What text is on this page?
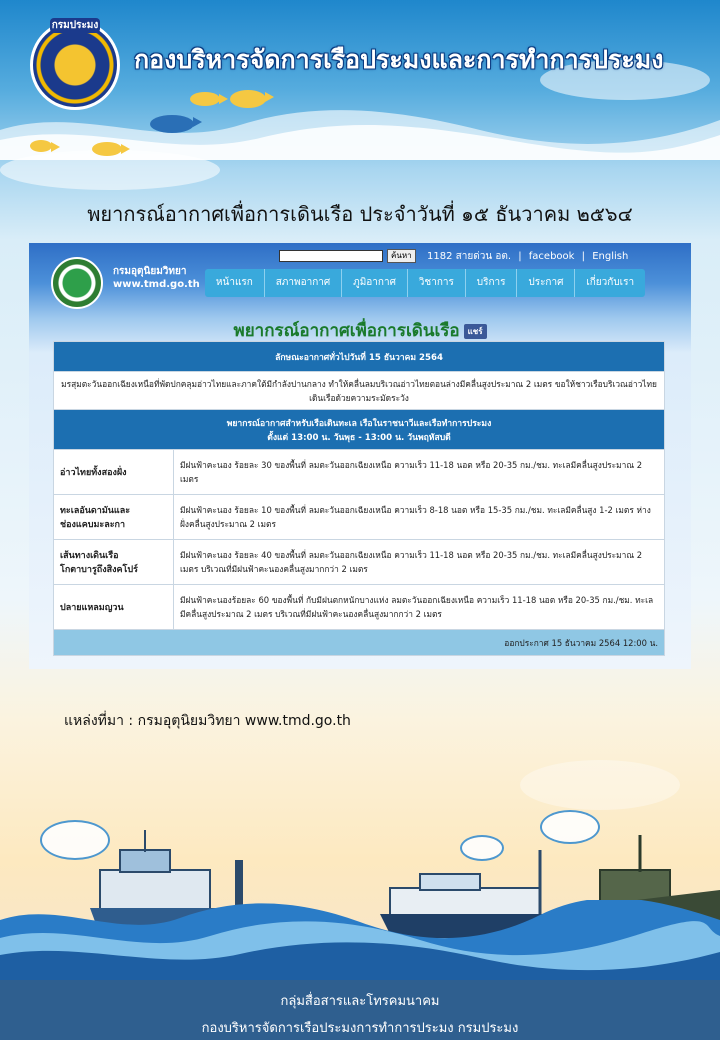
กรมประมง
กองบริหารจัดการเรือประมงและการทำการประมง
พยากรณ์อากาศเพื่อการเดินเรือ ประจำวันที่ ๑๕ ธันวาคม ๒๕๖๔
กรมอุตุนิยมวิทยา
www.tmd.go.th
ค้นหา	1182 สายด่วน อต. | facebook | English
หน้าแรก	สภาพอากาศ	ภูมิอากาศ	วิชาการ	บริการ	ประกาศ	เกี่ยวกับเรา
พยากรณ์อากาศเพื่อการเดินเรือ แชร์
ลักษณะอากาศทั่วไปวันที่ 15 ธันวาคม 2564	
มรสุมตะวันออกเฉียงเหนือที่พัดปกคลุมอ่าวไทยและภาคใต้มีกำลังปานกลาง ทำให้คลื่นลมบริเวณอ่าวไทยตอนล่างมีคลื่นสูงประมาณ 2 เมตร ขอให้ชาวเรือบริเวณอ่าวไทยเดินเรือด้วยความระมัดระวัง	

พยากรณ์อากาศสำหรับเรือเดินทะเล เรือในราชนาวีและเรือทำการประมง
ตั้งแต่ 13:00 น. วันพุธ - 13:00 น. วันพฤหัสบดี	

อ่าวไทยทั้งสองฝั่ง	มีฝนฟ้าคะนอง ร้อยละ 30 ของพื้นที่ ลมตะวันออกเฉียงเหนือ ความเร็ว 11-18 นอต หรือ 20-35 กม./ชม. ทะเลมีคลื่นสูงประมาณ 2 เมตร

ทะเลอันดามันและ
ช่องแคบมะละกา	มีฝนฟ้าคะนอง ร้อยละ 10 ของพื้นที่ ลมตะวันออกเฉียงเหนือ ความเร็ว 8-18 นอต หรือ 15-35 กม./ชม. ทะเลมีคลื่นสูง 1-2 เมตร ห่างฝั่งคลื่นสูงประมาณ 2 เมตร

เส้นทางเดินเรือ
โกตาบารูถึงสิงคโปร์	มีฝนฟ้าคะนอง ร้อยละ 40 ของพื้นที่ ลมตะวันออกเฉียงเหนือ ความเร็ว 11-18 นอต หรือ 20-35 กม./ชม. ทะเลมีคลื่นสูงประมาณ 2 เมตร บริเวณที่มีฝนฟ้าคะนองคลื่นสูงมากกว่า 2 เมตร

ปลายแหลมญวน	มีฝนฟ้าคะนองร้อยละ 60 ของพื้นที่ กับมีฝนตกหนักบางแห่ง ลมตะวันออกเฉียงเหนือ ความเร็ว 11-18 นอต หรือ 20-35 กม./ชม. ทะเลมีคลื่นสูงประมาณ 2 เมตร บริเวณที่มีฝนฟ้าคะนองคลื่นสูงมากกว่า 2 เมตร
ออกประกาศ 15 ธันวาคม 2564 12:00 น.	
แหล่งที่มา : กรมอุตุนิยมวิทยา www.tmd.go.th
กลุ่มสื่อสารและโทรคมนาคม
กองบริหารจัดการเรือประมงการทำการประมง กรมประมง
